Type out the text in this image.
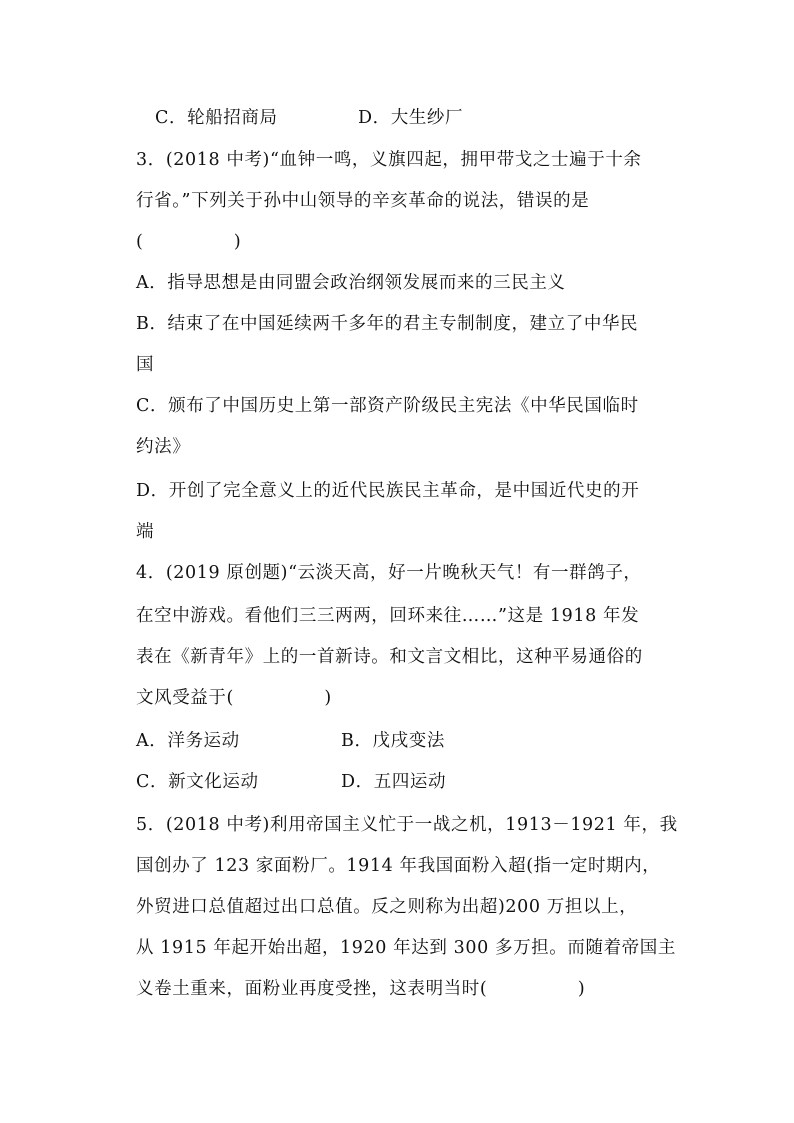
C．轮船招商局	D．大生纱厂
3．(2018 中考)“血钟一鸣，义旗四起，拥甲带戈之士遍于十余
行省。”下列关于孙中山领导的辛亥革命的说法，错误的是
(　　　　　)
A．指导思想是由同盟会政治纲领发展而来的三民主义
B．结束了在中国延续两千多年的君主专制制度，建立了中华民
国
C．颁布了中国历史上第一部资产阶级民主宪法《中华民国临时
约法》
D．开创了完全意义上的近代民族民主革命，是中国近代史的开
端
4．(2019 原创题)“云淡天高，好一片晚秋天气！有一群鸽子，
在空中游戏。看他们三三两两，回环来往……”这是 1918 年发
表在《新青年》上的一首新诗。和文言文相比，这种平易通俗的
文风受益于(　　　　　)
A．洋务运动	B．戊戌变法
C．新文化运动	D．五四运动
5．(2018 中考)利用帝国主义忙于一战之机，1913－1921 年，我
国创办了 123 家面粉厂。1914 年我国面粉入超(指一定时期内，
外贸进口总值超过出口总值。反之则称为出超)200 万担以上，
从 1915 年起开始出超，1920 年达到 300 多万担。而随着帝国主
义卷土重来，面粉业再度受挫，这表明当时(　　　　　)
